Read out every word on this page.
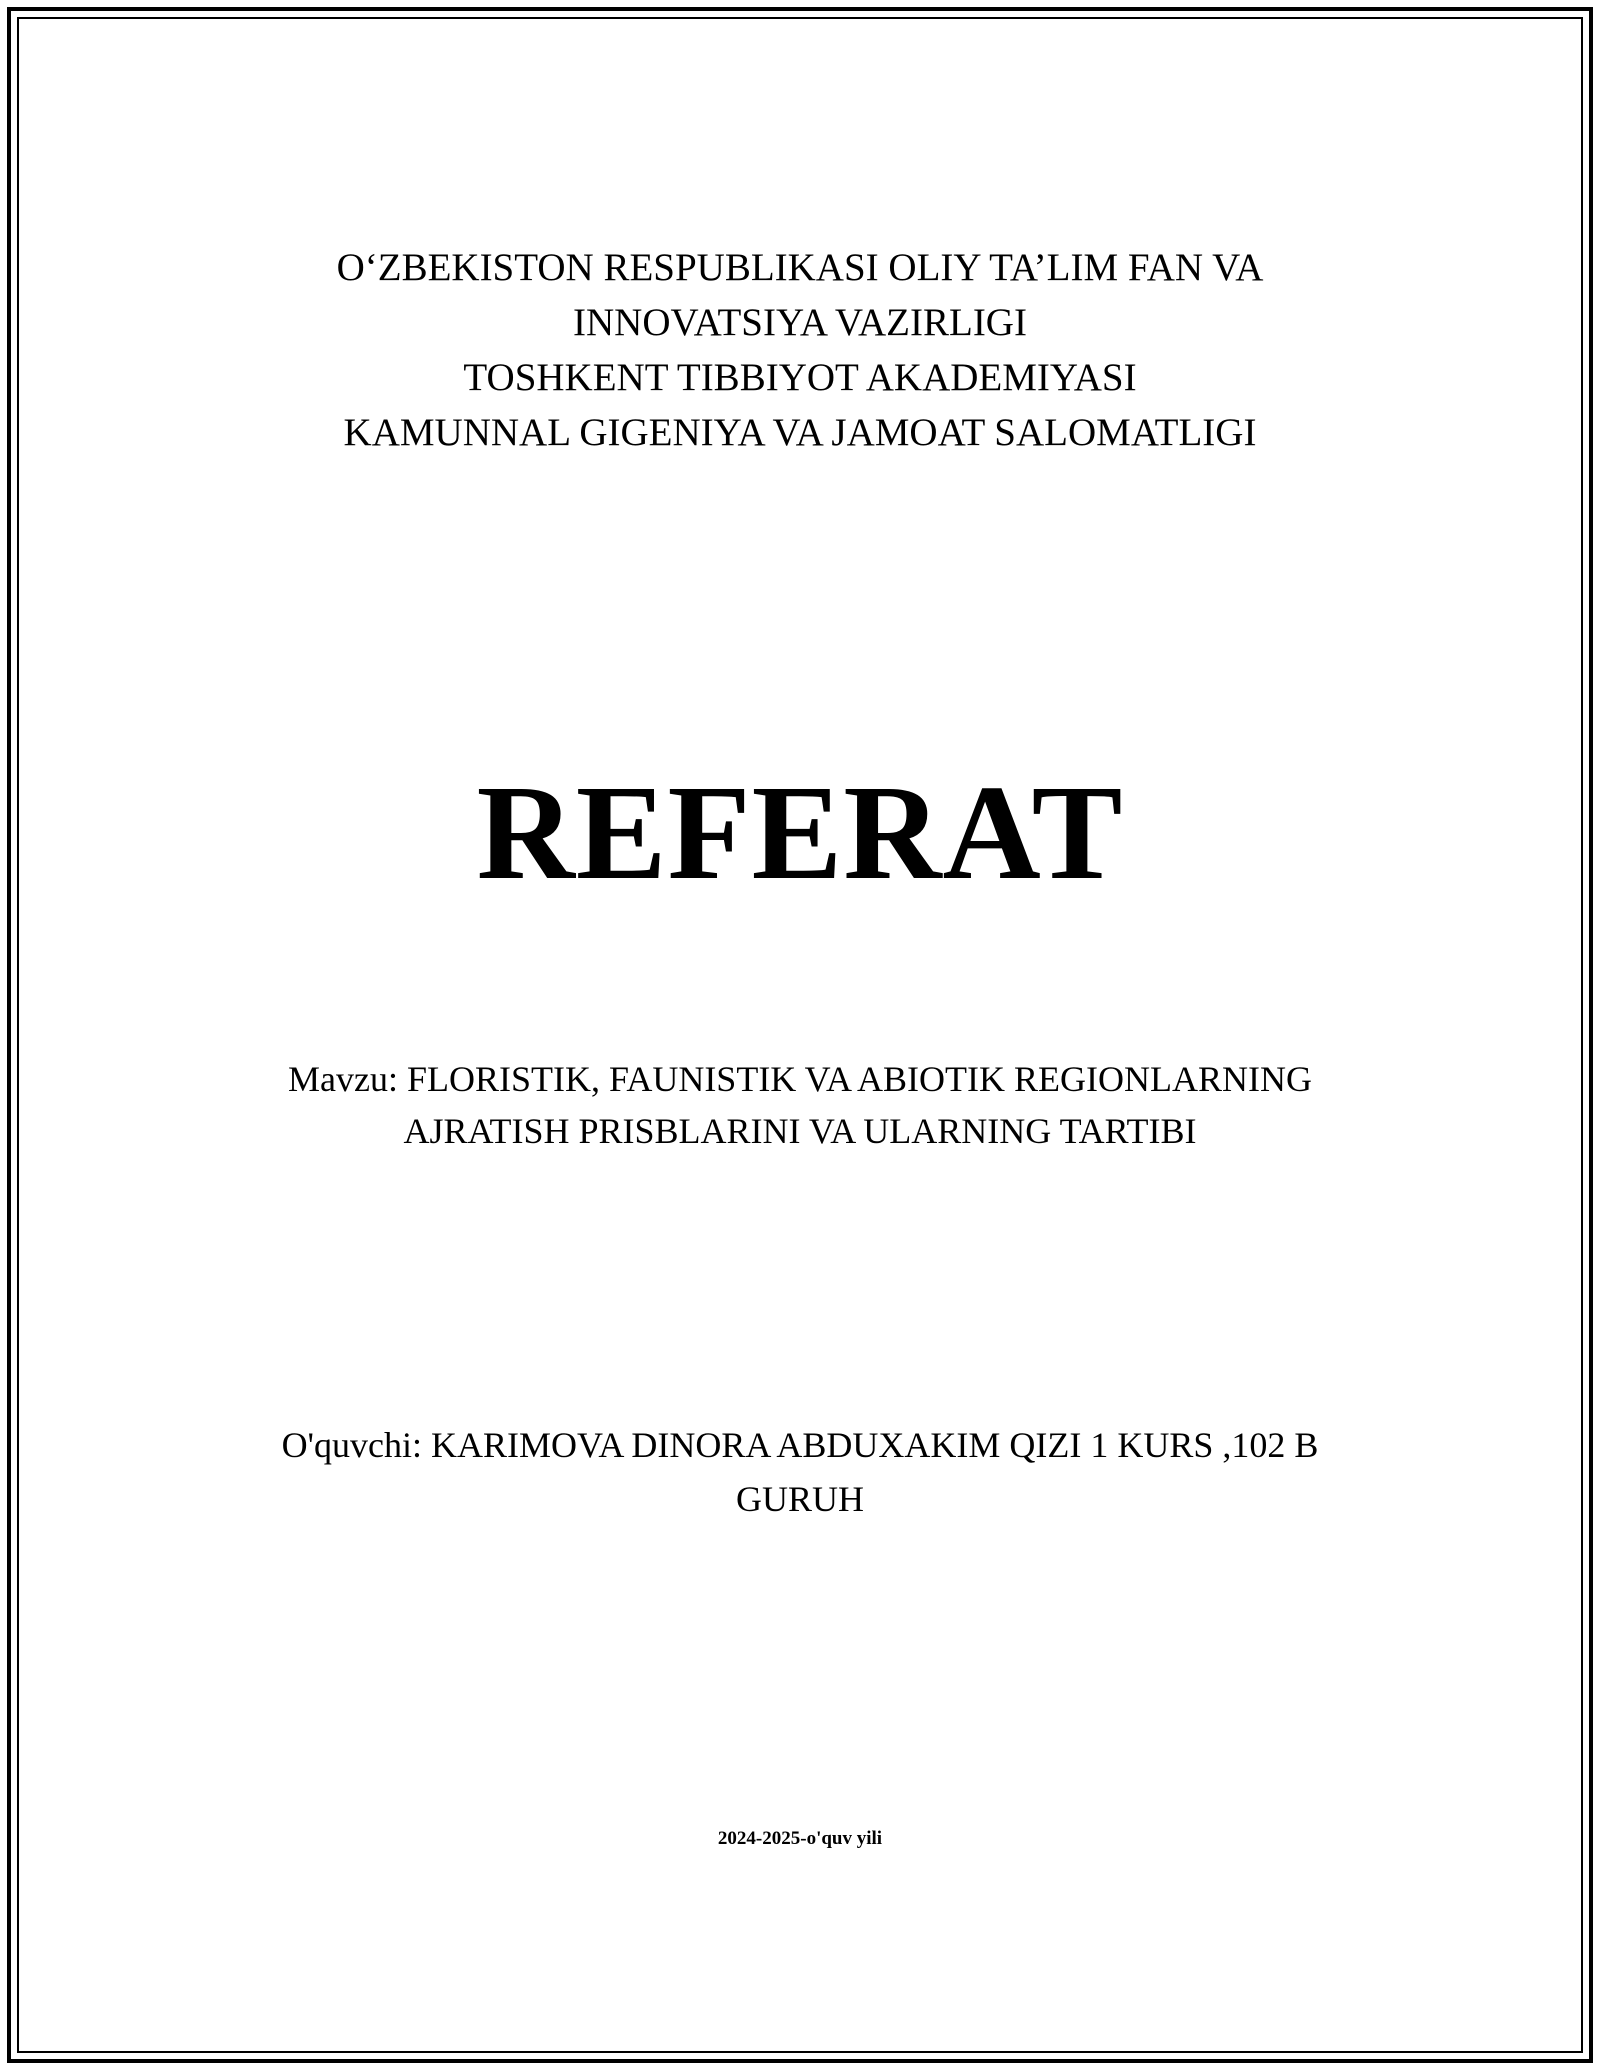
O‘ZBEKISTON RESPUBLIKASI OLIY TA’LIM FAN VA
INNOVATSIYA VAZIRLIGI
TOSHKENT TIBBIYOT AKADEMIYASI
KAMUNNAL GIGENIYA VA JAMOAT SALOMATLIGI
REFERAT
Mavzu: FLORISTIK, FAUNISTIK VA ABIOTIK REGIONLARNING
AJRATISH PRISBLARINI VA ULARNING TARTIBI
O'quvchi: KARIMOVA DINORA ABDUXAKIM QIZI 1 KURS ,102 B
GURUH
2024-2025-o'quv yili
